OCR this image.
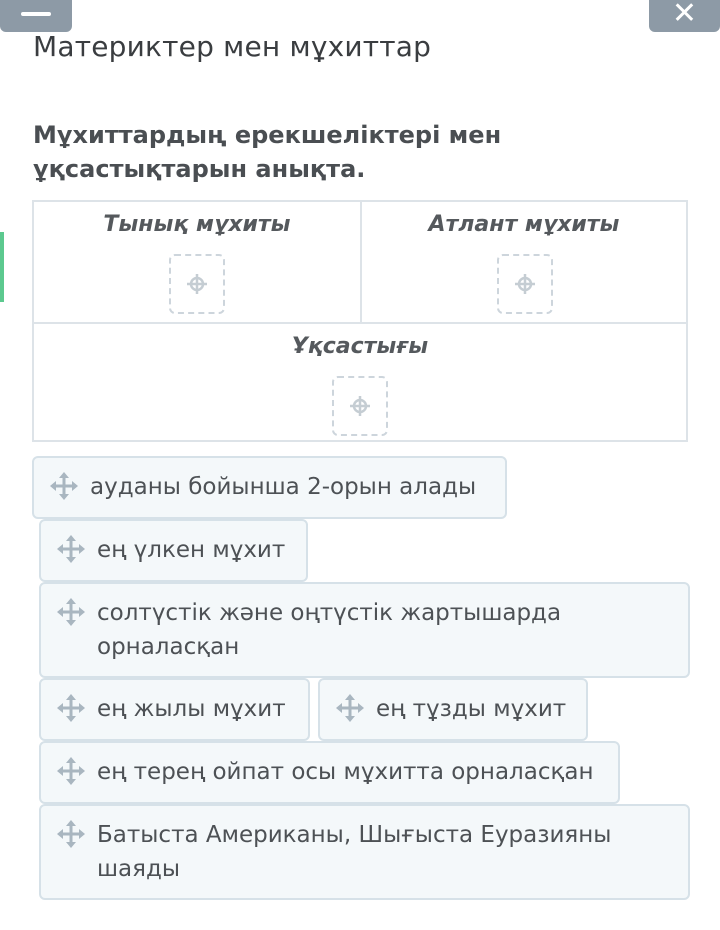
✕
Материктер мен мұхиттар
Мұхиттардың ерекшеліктері мен ұқсастықтарын анықта.
Тынық мұхиты	Атлант мұхиты
Ұқсастығы
ауданы бойынша 2-орын алады
ең үлкен мұхит
солтүстік және оңтүстік жартышарда орналасқан
ең жылы мұхит	ең тұзды мұхит
ең терең ойпат осы мұхитта орналасқан
Батыста Американы, Шығыста Еуразияны шаяды
